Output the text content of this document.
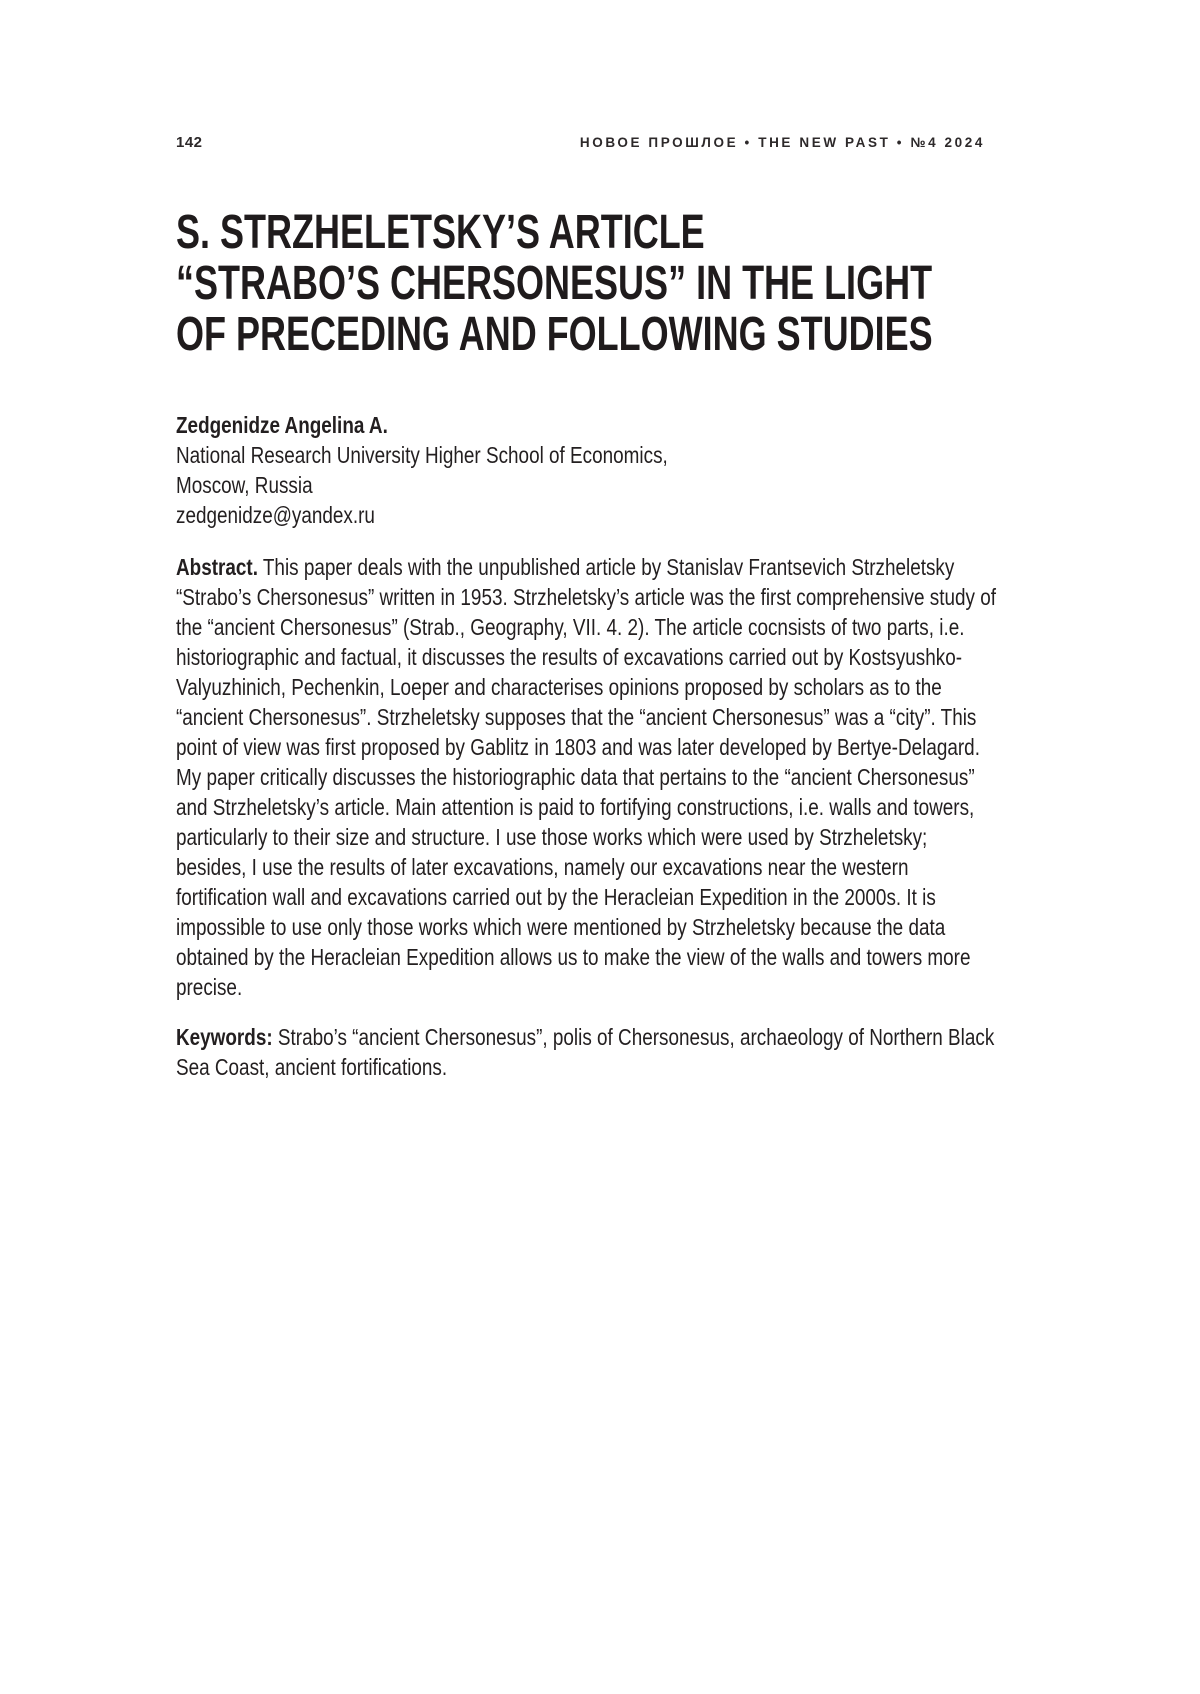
142	НОВОЕ ПРОШЛОЕ • THE NEW PAST • №4 2024
S. STRZHELETSKY’S ARTICLE
“STRABO’S CHERSONESUS” IN THE LIGHT
OF PRECEDING AND FOLLOWING STUDIES

Zedgenidze Angelina A.

National Research University Higher School of Economics,

Moscow, Russia

zedgenidze@yandex.ru

Abstract. This paper deals with the unpublished article by Stanislav Frantsevich Strzheletsky “Strabo’s Chersonesus” written in 1953. Strzheletsky’s article was the first comprehensive study of the “ancient Chersonesus” (Strab., Geography, VII. 4. 2). The article cocnsists of two parts, i.e. historiographic and factual, it discusses the results of excavations carried out by Kostsyushko-Valyuzhinich, Pechenkin, Loeper and characterises opinions proposed by scholars as to the “ancient Chersonesus”. Strzheletsky supposes that the “ancient Chersonesus” was a “city”. This point of view was first proposed by Gablitz in 1803 and was later developed by Bertye-Delagard. My paper critically discusses the historiographic data that pertains to the “ancient Chersonesus” and Strzheletsky’s article. Main attention is paid to fortifying constructions, i.e. walls and towers, particularly to their size and structure. I use those works which were used by Strzheletsky; besides, I use the results of later excavations, namely our excavations near the western fortification wall and excavations carried out by the Heracleian Expedition in the 2000s. It is impossible to use only those works which were mentioned by Strzheletsky because the data obtained by the Heracleian Expedition allows us to make the view of the walls and towers more precise.

Keywords: Strabo’s “ancient Chersonesus”, polis of Chersonesus, archaeology of Northern Black Sea Coast, ancient fortifications.
